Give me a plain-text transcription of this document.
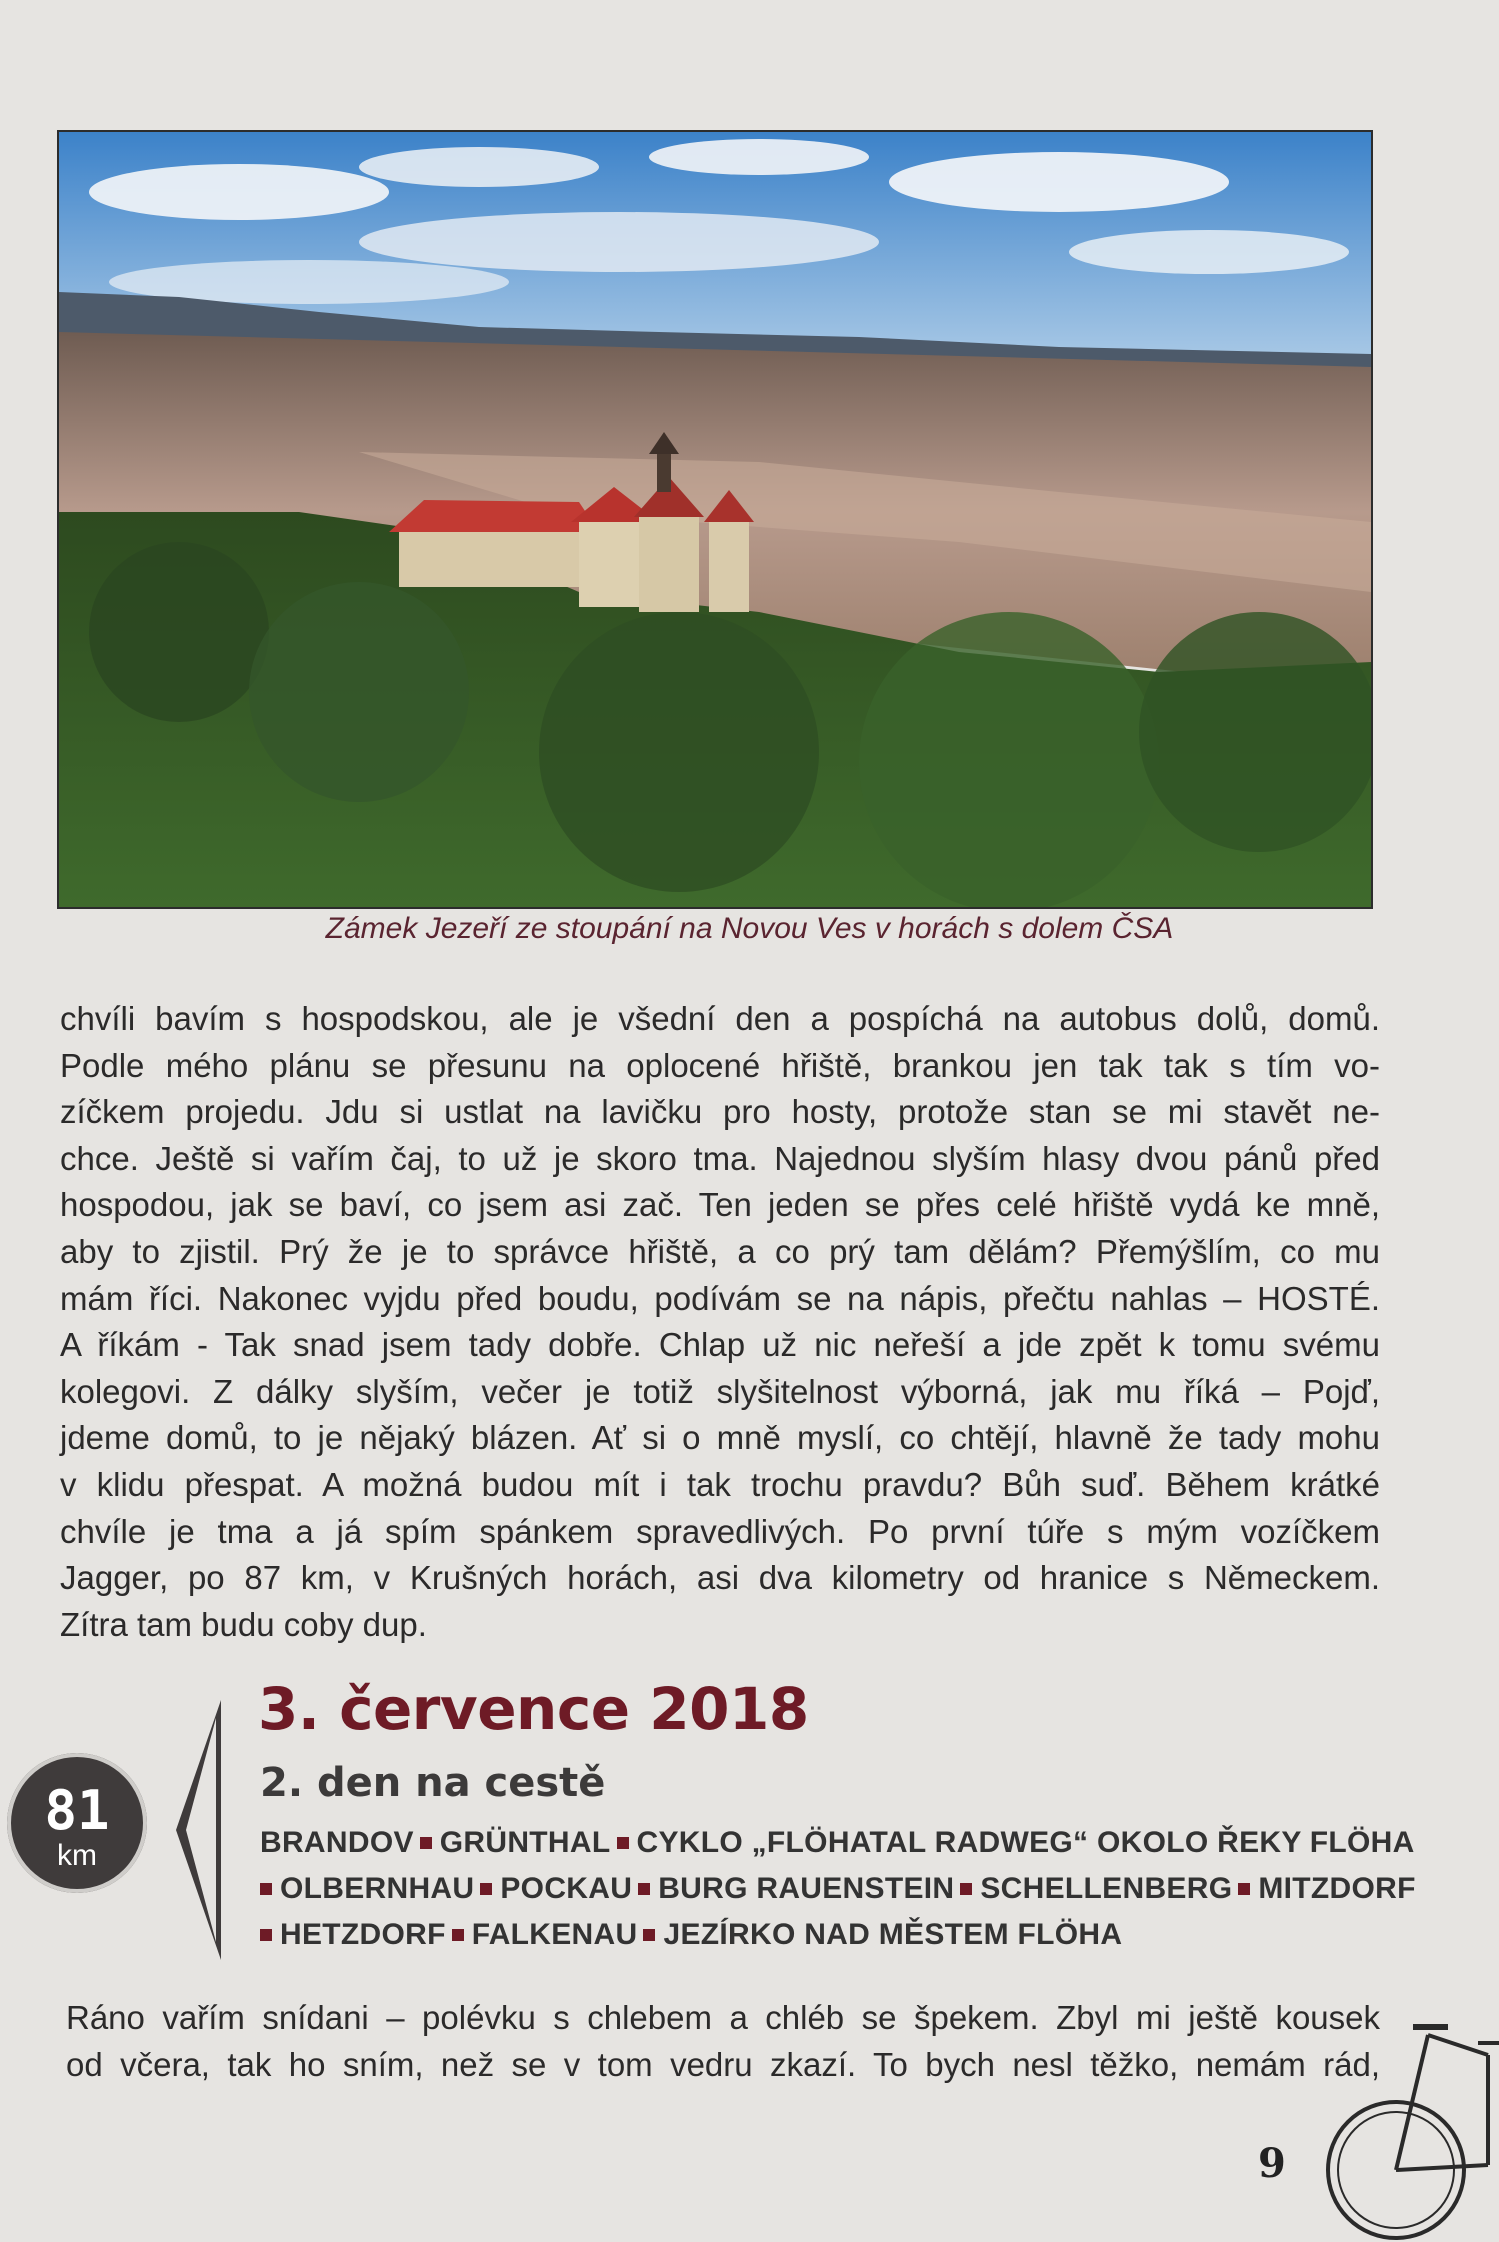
Zámek Jezeří ze stoupání na Novou Ves v horách s dolem ČSA

chvíli bavím s hospodskou, ale je všední den a pospíchá na autobus dolů, domů.
Podle mého plánu se přesunu na oplocené hřiště, brankou jen tak tak s tím vo-
zíčkem projedu. Jdu si ustlat na lavičku pro hosty, protože stan se mi stavět ne-
chce. Ještě si vařím čaj, to už je skoro tma. Najednou slyším hlasy dvou pánů před
hospodou, jak se baví, co jsem asi zač. Ten jeden se přes celé hřiště vydá ke mně,
aby to zjistil. Prý že je to správce hřiště, a co prý tam dělám? Přemýšlím, co mu
mám říci. Nakonec vyjdu před boudu, podívám se na nápis, přečtu nahlas – HOSTÉ.
A říkám - Tak snad jsem tady dobře. Chlap už nic neřeší a jde zpět k tomu svému
kolegovi. Z dálky slyším, večer je totiž slyšitelnost výborná, jak mu říká – Pojď,
jdeme domů, to je nějaký blázen. Ať si o mně myslí, co chtějí, hlavně že tady mohu
v klidu přespat. A možná budou mít i tak trochu pravdu? Bůh suď. Během krátké
chvíle je tma a já spím spánkem spravedlivých. Po první túře s mým vozíčkem
Jagger, po 87 km, v Krušných horách, asi dva kilometry od hranice s Německem.
Zítra tam budu coby dup.

81
km
3. července 2018
2. den na cestě
BRANDOV GRÜNTHAL CYKLO „FLÖHATAL RADWEG“ OKOLO ŘEKY FLÖHA
OLBERNHAU POCKAU BURG RAUENSTEIN SCHELLENBERG MITZDORF
HETZDORF FALKENAU JEZÍRKO NAD MĚSTEM FLÖHA

Ráno vařím snídani – polévku s chlebem a chléb se špekem. Zbyl mi ještě kousek
od včera, tak ho sním, než se v tom vedru zkazí. To bych nesl těžko, nemám rád,

9
